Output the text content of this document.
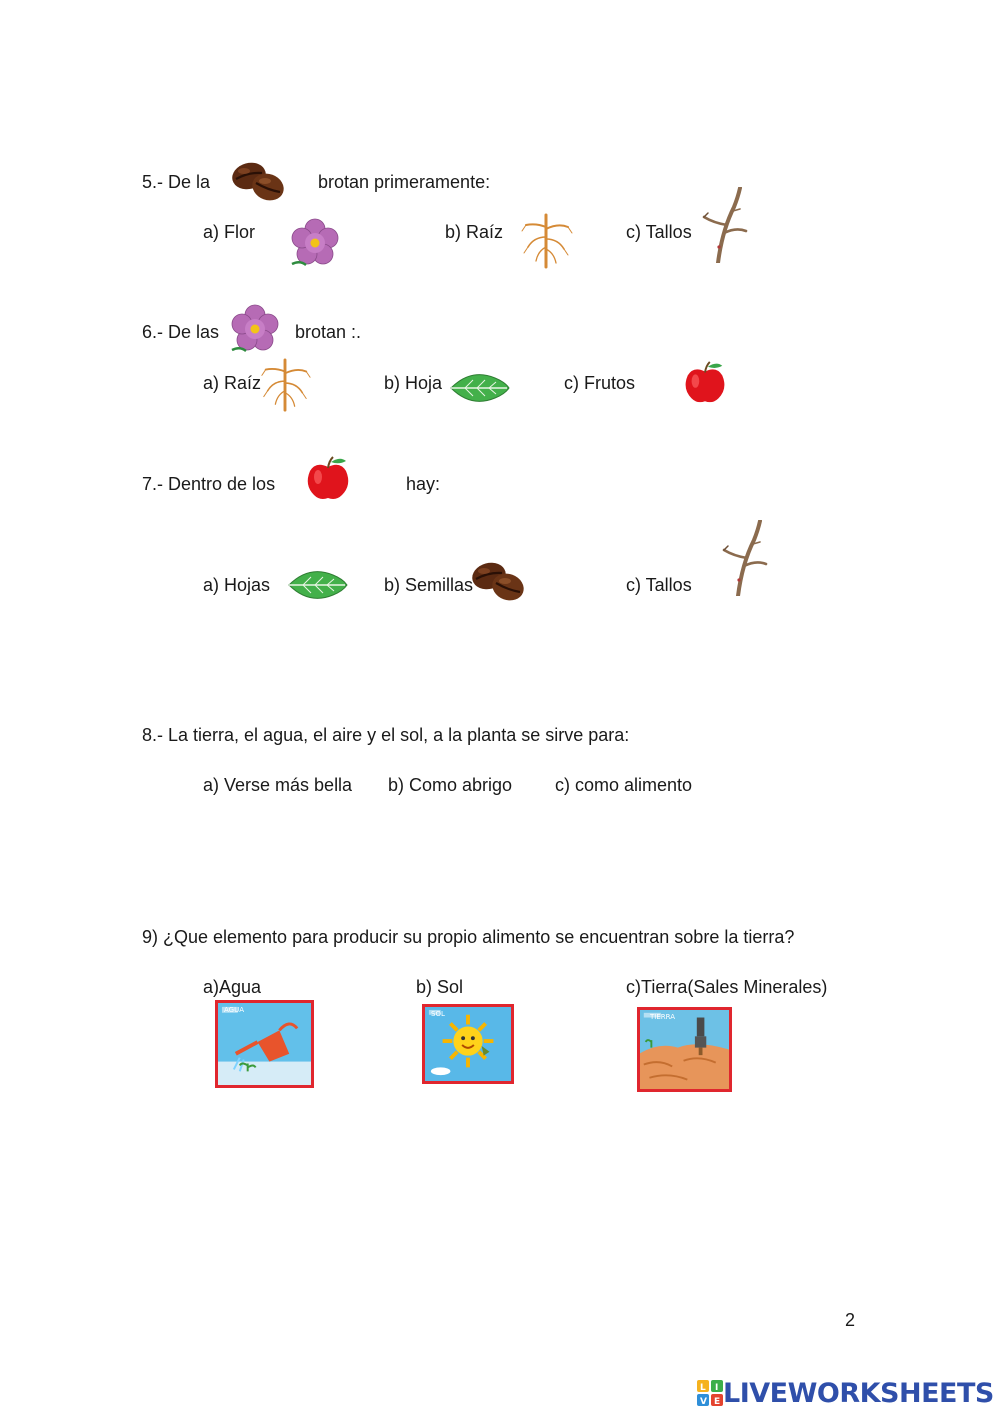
5.- De la	brotan primeramente:
a) Flor	b) Raíz	c) Tallos
6.- De las	brotan :.
a) Raíz	b) Hoja	c) Frutos
7.- Dentro de los	hay:
a) Hojas	b) Semillas	c) Tallos
8.- La tierra, el agua, el aire y el sol, a la planta se sirve para:
a) Verse más bella b) Como abrigo c) como alimento
9) ¿Que elemento para producir su propio alimento se encuentran sobre la tierra?
a)Agua	b) Sol	c)Tierra(Sales Minerales)
AGUA	SOL	TIERRA
2
L I
V E LIVEWORKSHEETS
